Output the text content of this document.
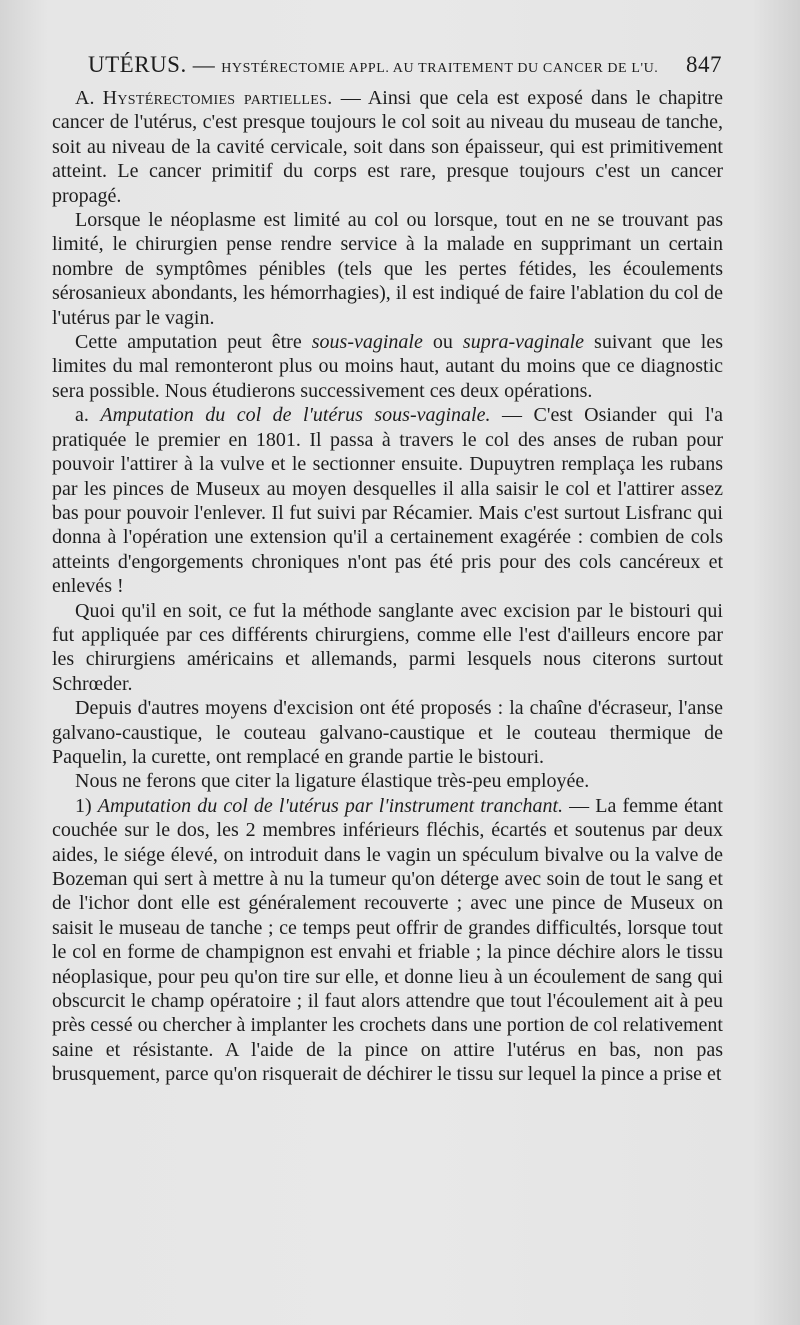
UTÉRUS. — HYSTÉRECTOMIE APPL. AU TRAITEMENT DU CANCER DE L'U.	847

A. Hystérectomies partielles. — Ainsi que cela est exposé dans le chapitre cancer de l'utérus, c'est presque toujours le col soit au niveau du museau de tanche, soit au niveau de la cavité cervicale, soit dans son épaisseur, qui est primitivement atteint. Le cancer primitif du corps est rare, presque toujours c'est un cancer propagé.

Lorsque le néoplasme est limité au col ou lorsque, tout en ne se trouvant pas limité, le chirurgien pense rendre service à la malade en supprimant un certain nombre de symptômes pénibles (tels que les pertes fétides, les écoulements sérosanieux abondants, les hémorrhagies), il est indiqué de faire l'ablation du col de l'utérus par le vagin.

Cette amputation peut être sous-vaginale ou supra-vaginale suivant que les limites du mal remonteront plus ou moins haut, autant du moins que ce diagnostic sera possible. Nous étudierons successivement ces deux opérations.

a. Amputation du col de l'utérus sous-vaginale. — C'est Osiander qui l'a pratiquée le premier en 1801. Il passa à travers le col des anses de ruban pour pouvoir l'attirer à la vulve et le sectionner ensuite. Dupuytren remplaça les rubans par les pinces de Museux au moyen desquelles il alla saisir le col et l'attirer assez bas pour pouvoir l'enlever. Il fut suivi par Récamier. Mais c'est surtout Lisfranc qui donna à l'opération une extension qu'il a certainement exagérée : combien de cols atteints d'engorgements chroniques n'ont pas été pris pour des cols cancéreux et enlevés !

Quoi qu'il en soit, ce fut la méthode sanglante avec excision par le bistouri qui fut appliquée par ces différents chirurgiens, comme elle l'est d'ailleurs encore par les chirurgiens américains et allemands, parmi lesquels nous citerons surtout Schrœder.

Depuis d'autres moyens d'excision ont été proposés : la chaîne d'écraseur, l'anse galvano-caustique, le couteau galvano-caustique et le couteau thermique de Paquelin, la curette, ont remplacé en grande partie le bistouri.

Nous ne ferons que citer la ligature élastique très-peu employée.

1) Amputation du col de l'utérus par l'instrument tranchant. — La femme étant couchée sur le dos, les 2 membres inférieurs fléchis, écartés et soutenus par deux aides, le siége élevé, on introduit dans le vagin un spéculum bivalve ou la valve de Bozeman qui sert à mettre à nu la tumeur qu'on déterge avec soin de tout le sang et de l'ichor dont elle est généralement recouverte ; avec une pince de Museux on saisit le museau de tanche ; ce temps peut offrir de grandes difficultés, lorsque tout le col en forme de champignon est envahi et friable ; la pince déchire alors le tissu néoplasique, pour peu qu'on tire sur elle, et donne lieu à un écoulement de sang qui obscurcit le champ opératoire ; il faut alors attendre que tout l'écoulement ait à peu près cessé ou chercher à implanter les crochets dans une portion de col relativement saine et résistante. A l'aide de la pince on attire l'utérus en bas, non pas brusquement, parce qu'on risquerait de déchirer le tissu sur lequel la pince a prise et
